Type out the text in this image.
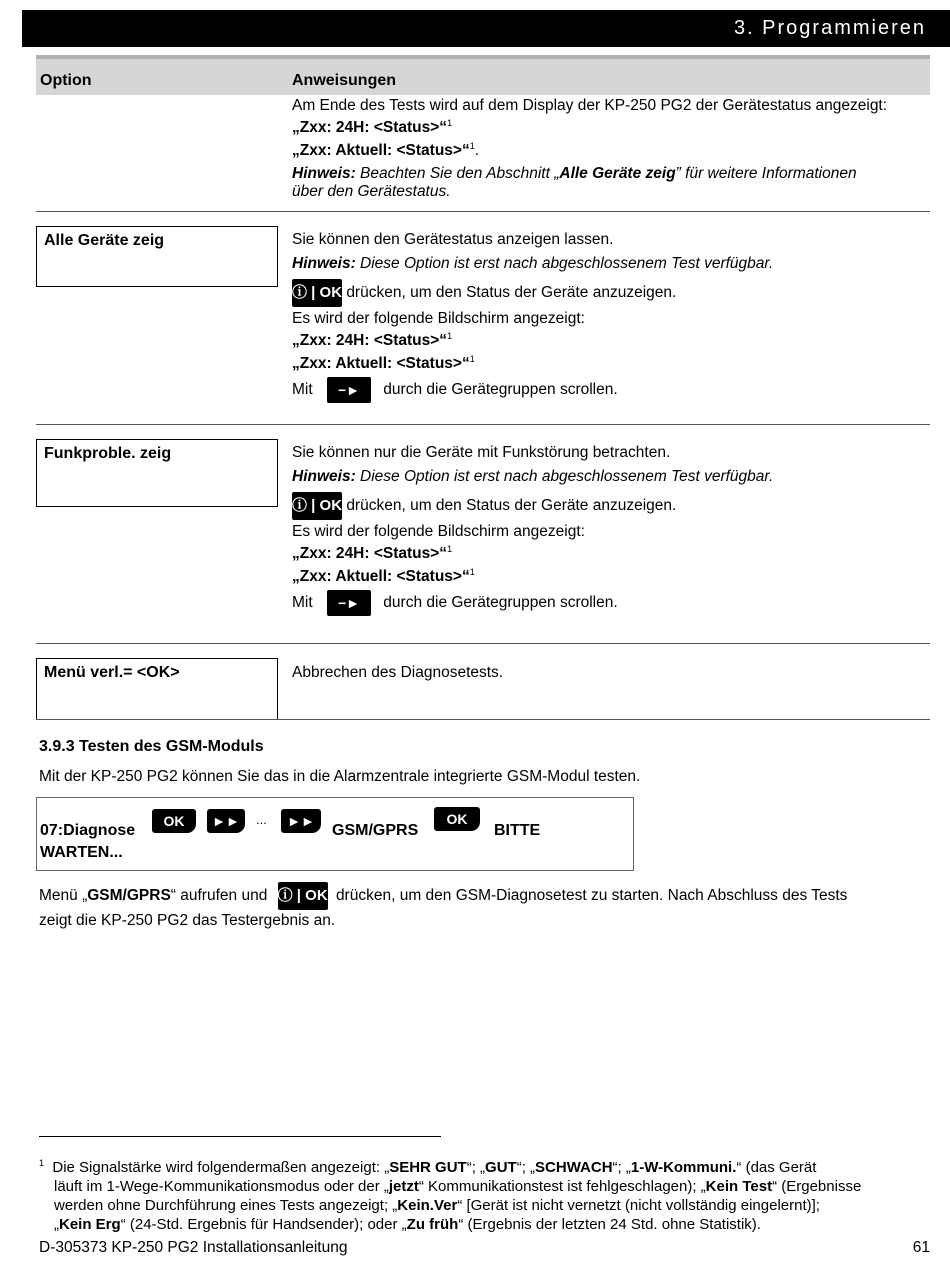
3. Programmieren
Option	Anweisungen
Am Ende des Tests wird auf dem Display der KP-250 PG2 der Gerätestatus angezeigt:
„Zxx: 24H: <Status>“$^1$
„Zxx: Aktuell: <Status>“$^1$.
Hinweis: Beachten Sie den Abschnitt „Alle Geräte zeig” für weitere Informationen
über den Gerätestatus.
Alle Geräte zeig	Sie können den Gerätestatus anzeigen lassen.
Hinweis: Diese Option ist erst nach abgeschlossenem Test verfügbar.
ⓘ | OK drücken, um den Status der Geräte anzuzeigen.
Es wird der folgende Bildschirm angezeigt:
„Zxx: 24H: <Status>“$^1$
„Zxx: Aktuell: <Status>“$^1$
Mit −► durch die Gerätegruppen scrollen.
Funkproble. zeig	Sie können nur die Geräte mit Funkstörung betrachten.
Hinweis: Diese Option ist erst nach abgeschlossenem Test verfügbar.
ⓘ | OK drücken, um den Status der Geräte anzuzeigen.
Es wird der folgende Bildschirm angezeigt:
„Zxx: 24H: <Status>“$^1$
„Zxx: Aktuell: <Status>“$^1$
Mit −► durch die Gerätegruppen scrollen.
Menü verl.= <OK>	Abbrechen des Diagnosetests.
3.9.3 Testen des GSM-Moduls
Mit der KP-250 PG2 können Sie das in die Alarmzentrale integrierte GSM-Modul testen.
07:Diagnose
OK	►►	...	►►
GSM/GPRS
OK
BITTE
WARTEN...
Menü „GSM/GPRS“ aufrufen und ⓘ | OK drücken, um den GSM-Diagnosetest zu starten. Nach Abschluss des Tests
zeigt die KP-250 PG2 das Testergebnis an.
$^1$ Die Signalstärke wird folgendermaßen angezeigt: „SEHR GUT“; „GUT“; „SCHWACH“; „1-W-Kommuni.“ (das Gerät
läuft im 1-Wege-Kommunikationsmodus oder der „jetzt“ Kommunikationstest ist fehlgeschlagen); „Kein Test“ (Ergebnisse
werden ohne Durchführung eines Tests angezeigt; „Kein.Ver“ [Gerät ist nicht vernetzt (nicht vollständig eingelernt)];
„Kein Erg“ (24-Std. Ergebnis für Handsender); oder „Zu früh“ (Ergebnis der letzten 24 Std. ohne Statistik).
D-305373 KP-250 PG2 Installationsanleitung	61
